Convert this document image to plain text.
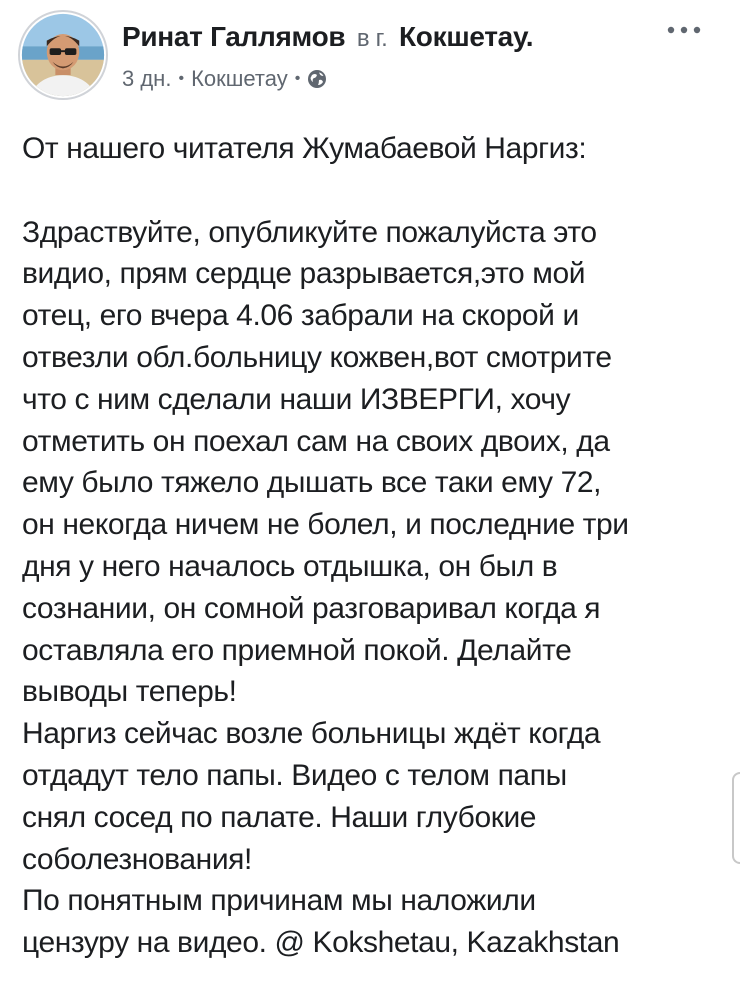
Ринат Галлямов в г. Кокшетау.
3 дн. • Кокшетау •

От нашего читателя Жумабаевой Наргиз:

Здраствуйте, опубликуйте пожалуйста это

видио, прям сердце разрывается,это мой

отец, его вчера 4.06 забрали на скорой и

отвезли обл.больницу кожвен,вот смотрите

что с ним сделали наши ИЗВЕРГИ, хочу

отметить он поехал сам на своих двоих, да

ему было тяжело дышать все таки ему 72,

он некогда ничем не болел, и последние три

дня у него началось отдышка, он был в

сознании, он сомной разговаривал когда я

оставляла его приемной покой. Делайте

выводы теперь!

Наргиз сейчас возле больницы ждёт когда

отдадут тело папы. Видео с телом папы

снял сосед по палате. Наши глубокие

соболезнования!

По понятным причинам мы наложили

цензуру на видео. @ Kokshetau, Kazakhstan
